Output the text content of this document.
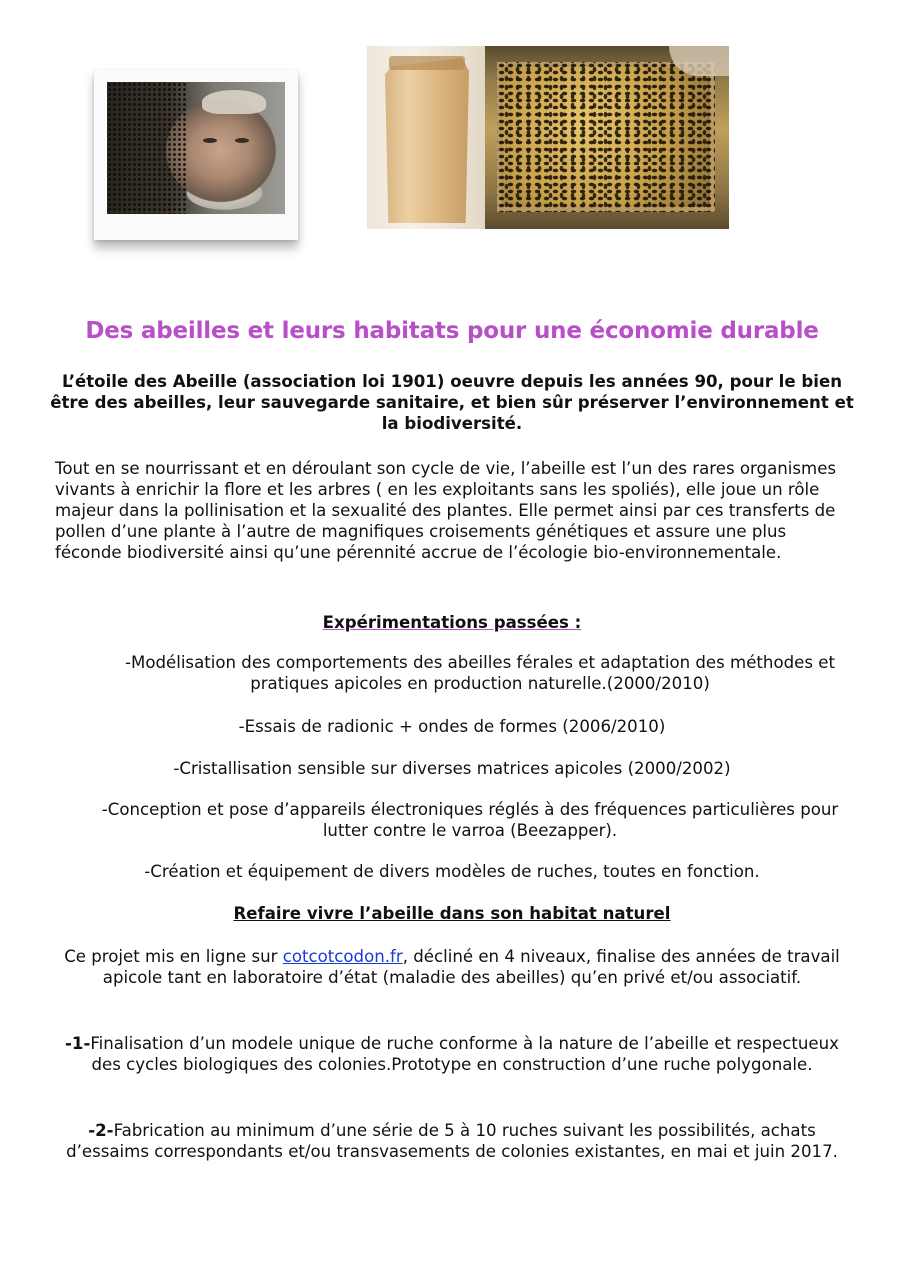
Des abeilles et leurs habitats pour une économie durable
L’étoile des Abeille (association loi 1901) oeuvre depuis les années 90, pour le bien être des abeilles, leur sauvegarde sanitaire, et bien sûr préserver l’environnement et la biodiversité.
Tout en se nourrissant et en déroulant son cycle de vie, l’abeille est l’un des rares organismes vivants à enrichir la flore et les arbres ( en les exploitants sans les spoliés), elle joue un rôle majeur dans la pollinisation et la sexualité des plantes. Elle permet ainsi par ces transferts de pollen d’une plante à l’autre de magnifiques croisements génétiques et assure une plus féconde biodiversité ainsi qu’une pérennité accrue de l’écologie bio-environnementale.
Expérimentations passées :
-Modélisation des comportements des abeilles férales et adaptation des méthodes et pratiques apicoles en production naturelle.(2000/2010)
-Essais de radionic + ondes de formes (2006/2010)
-Cristallisation sensible sur diverses matrices apicoles (2000/2002)
-Conception et pose d’appareils électroniques réglés à des fréquences particulières pour lutter contre le varroa (Beezapper).
-Création et équipement de divers modèles de ruches, toutes en fonction.
Refaire vivre l’abeille dans son habitat naturel
Ce projet mis en ligne sur cotcotcodon.fr, décliné en 4 niveaux, finalise des années de travail apicole tant en laboratoire d’état (maladie des abeilles) qu’en privé et/ou associatif.
-1-Finalisation d’un modele unique de ruche conforme à la nature de l’abeille et respectueux des cycles biologiques des colonies.Prototype en construction d’une ruche polygonale.
-2-Fabrication au minimum d’une série de 5 à 10 ruches suivant les possibilités, achats d’essaims correspondants et/ou transvasements de colonies existantes, en mai et juin 2017.
